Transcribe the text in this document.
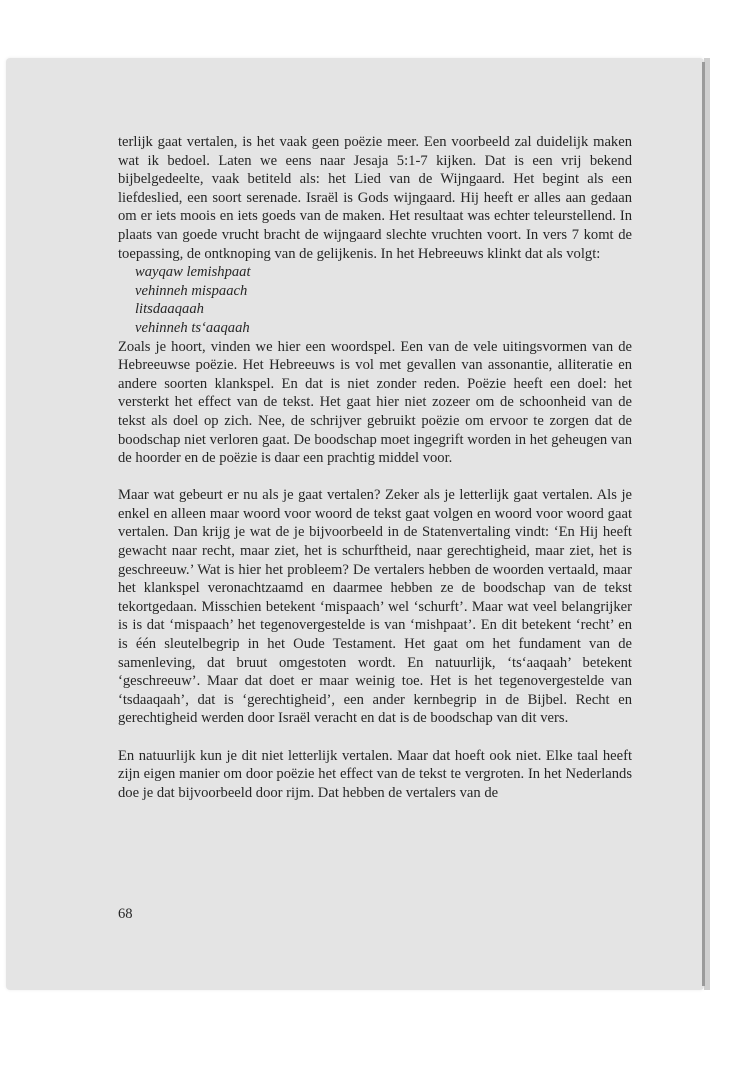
terlijk gaat vertalen, is het vaak geen poëzie meer. Een voorbeeld zal duidelijk maken wat ik bedoel. Laten we eens naar Jesaja 5:1-7 kijken. Dat is een vrij bekend bijbelgedeelte, vaak betiteld als: het Lied van de Wijngaard. Het begint als een liefdeslied, een soort serenade. Israël is Gods wijngaard. Hij heeft er alles aan gedaan om er iets moois en iets goeds van de maken. Het resultaat was echter teleurstellend. In plaats van goede vrucht bracht de wijngaard slechte vruchten voort. In vers 7 komt de toepassing, de ontknoping van de gelijkenis. In het Hebreeuws klinkt dat als volgt:
wayqaw lemishpaat
vehinneh mispaach
litsdaaqaah
vehinneh ts‘aaqaah
Zoals je hoort, vinden we hier een woordspel. Een van de vele uitingsvormen van de Hebreeuwse poëzie. Het Hebreeuws is vol met gevallen van assonantie, alliteratie en andere soorten klankspel. En dat is niet zonder reden. Poëzie heeft een doel: het versterkt het effect van de tekst. Het gaat hier niet zozeer om de schoonheid van de tekst als doel op zich. Nee, de schrijver gebruikt poëzie om ervoor te zorgen dat de boodschap niet verloren gaat. De boodschap moet ingegrift worden in het geheugen van de hoorder en de poëzie is daar een prachtig middel voor.

Maar wat gebeurt er nu als je gaat vertalen? Zeker als je letterlijk gaat vertalen. Als je enkel en alleen maar woord voor woord de tekst gaat volgen en woord voor woord gaat vertalen. Dan krijg je wat de je bijvoorbeeld in de Statenvertaling vindt: ‘En Hij heeft gewacht naar recht, maar ziet, het is schurftheid, naar gerechtigheid, maar ziet, het is geschreeuw.’ Wat is hier het probleem? De vertalers hebben de woorden vertaald, maar het klankspel veronachtzaamd en daarmee hebben ze de boodschap van de tekst tekortgedaan. Misschien betekent ‘mispaach’ wel ‘schurft’. Maar wat veel belangrijker is is dat ‘mispaach’ het tegenovergestelde is van ‘mishpaat’. En dit betekent ‘recht’ en is één sleutelbegrip in het Oude Testament. Het gaat om het fundament van de samenleving, dat bruut omgestoten wordt. En natuurlijk, ‘ts‘aaqaah’ betekent ‘geschreeuw’. Maar dat doet er maar weinig toe. Het is het tegenovergestelde van ‘tsdaaqaah’, dat is ‘gerechtigheid’, een ander kernbegrip in de Bijbel. Recht en gerechtigheid werden door Israël veracht en dat is de boodschap van dit vers.

En natuurlijk kun je dit niet letterlijk vertalen. Maar dat hoeft ook niet. Elke taal heeft zijn eigen manier om door poëzie het effect van de tekst te vergroten. In het Nederlands doe je dat bijvoorbeeld door rijm. Dat hebben de vertalers van de

68
